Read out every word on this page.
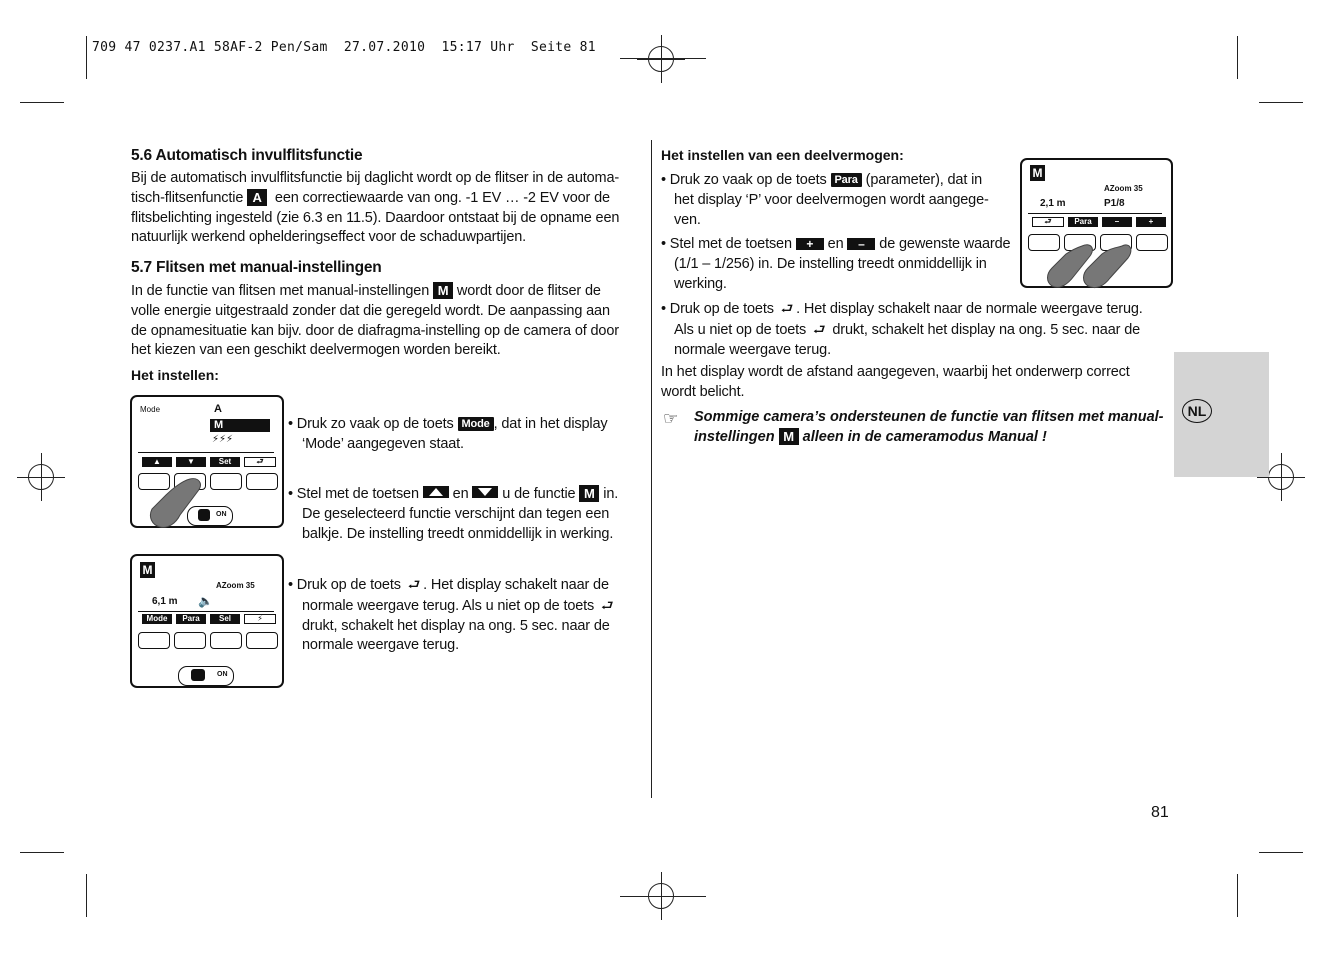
709 47 0237.A1 58AF-2 Pen/Sam  27.07.2010  15:17 Uhr  Seite 81
5.6 Automatisch invulflitsfunctie
Bij de automatisch invulflitsfunctie bij daglicht wordt op de flitser in de automa-
tisch-flitsenfunctie A een correctiewaarde van ong. -1 EV … -2 EV voor de
flitsbelichting ingesteld (zie 6.3 en 11.5). Daardoor ontstaat bij de opname een
natuurlijk werkend ophelderingseffect voor de schaduwpartijen.
5.7 Flitsen met manual-instellingen
In de functie van flitsen met manual-instellingen M wordt door de flitser de
volle energie uitgestraald zonder dat die geregeld wordt. De aanpassing aan
de opnamesituatie kan bijv. door de diafragma-instelling op de camera of door
het kiezen van een geschikt deelvermogen worden bereikt.
Het instellen:
Mode	A
M
⚡⚡⚡
▲	▼	Set	⮐
ON
• Druk zo vaak op de toets Mode , dat in het display
‘Mode’ aangegeven staat.
• Stel met de toetsen en u de functie M in.
De geselecteerd functie verschijnt dan tegen een
balkje. De instelling treedt onmiddellijk in werking.
M
AZoom 35
6,1 m 🔈
Mode	Para	Sel	⚡
ON
• Druk op de toets ⮐ . Het display schakelt naar de
normale weergave terug. Als u niet op de toets ⮐
drukt, schakelt het display na ong. 5 sec. naar de
normale weergave terug.
Het instellen van een deelvermogen:
M
AZoom 35
2,1 m	P1/8
⮐	Para	–	+
• Druk zo vaak op de toets Para (parameter), dat in
het display ‘P’ voor deelvermogen wordt aangege-
ven.
• Stel met de toetsen + en – de gewenste waarde
(1/1 – 1/256) in. De instelling treedt onmiddellijk in
werking.
• Druk op de toets ⮐ . Het display schakelt naar de normale weergave terug.
Als u niet op de toets ⮐ drukt, schakelt het display na ong. 5 sec. naar de
normale weergave terug.
In het display wordt de afstand aangegeven, waarbij het onderwerp correct
wordt belicht.
☞ Sommige camera’s ondersteunen de functie van flitsen met manual-
instellingen M alleen in de cameramodus Manual !
NL
81
